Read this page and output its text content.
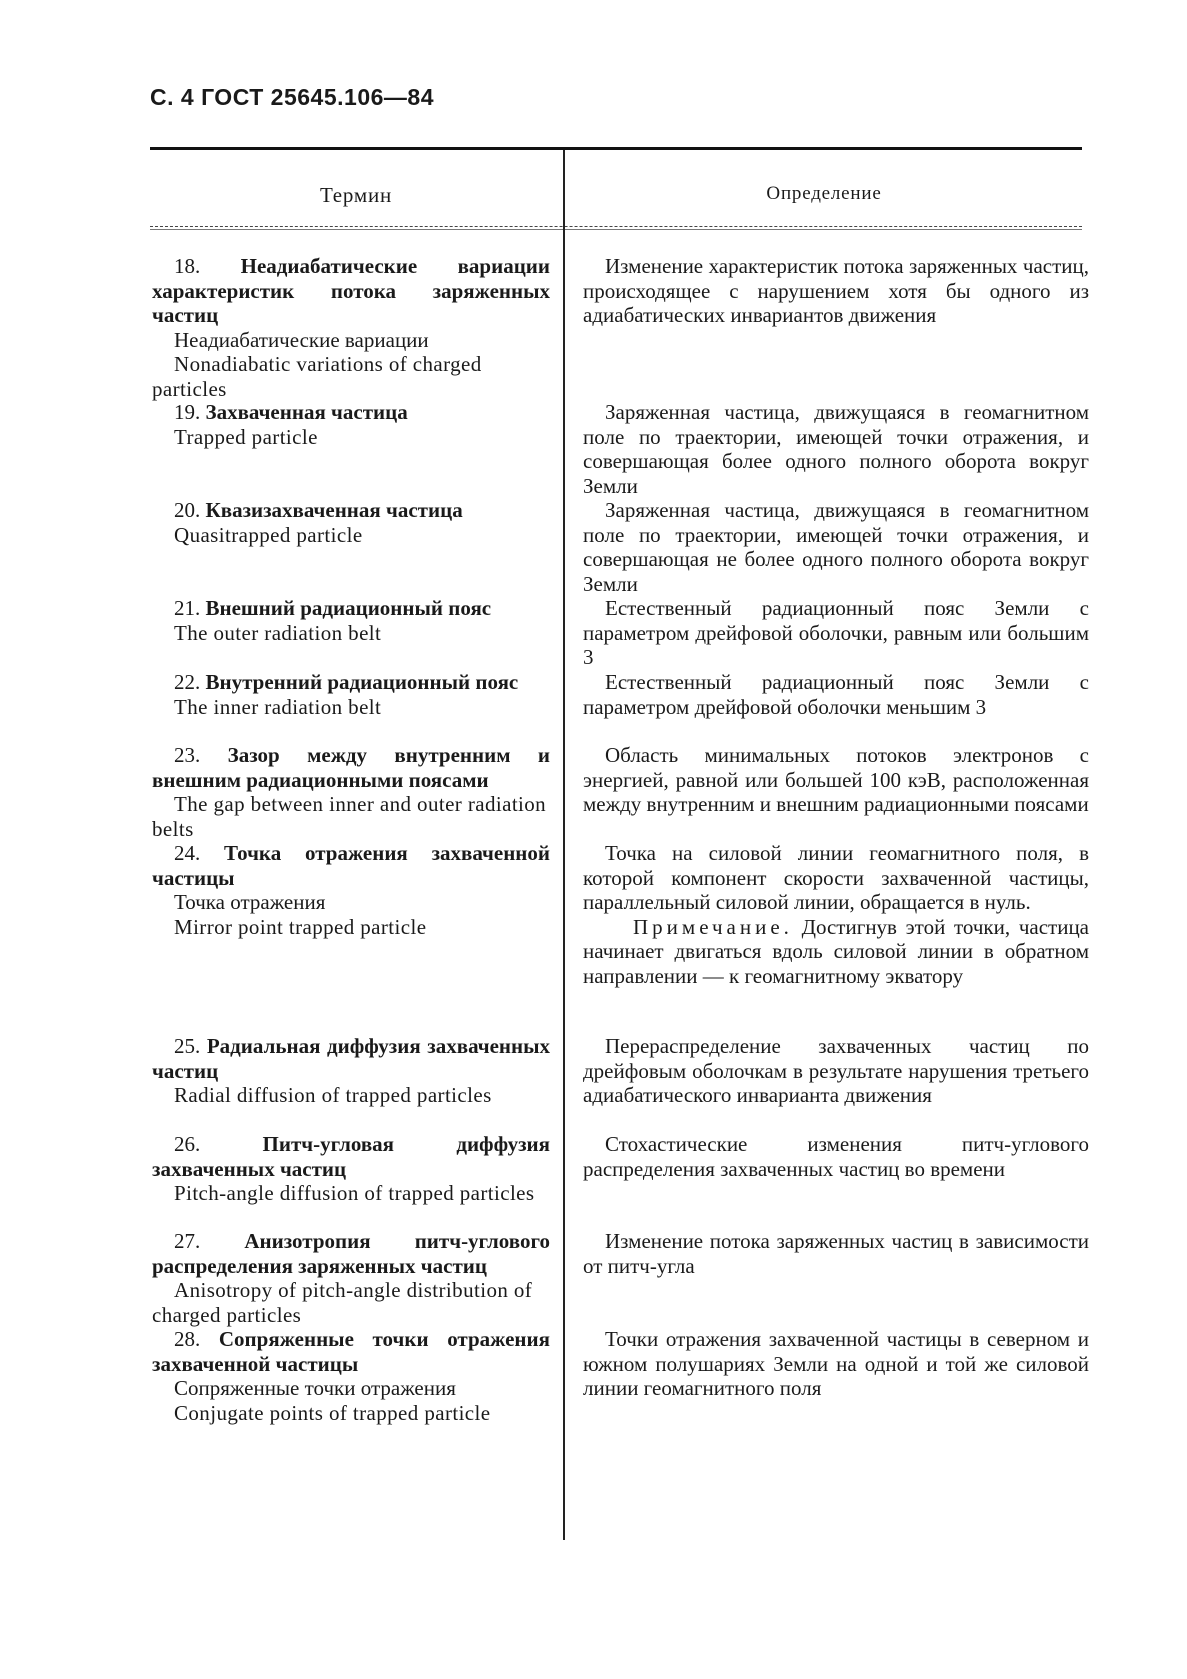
С. 4 ГОСТ 25645.106—84
Термин	Определение

18. Неадиабатические вариации характеристик потока заряженных частиц

Неадиабатические вариации

Nonadiabatic variations of charged particles

Изменение характеристик потока заряженных частиц, происходящее с нарушением хотя бы одного из адиабатических инвариантов движения

19. Захваченная частица

Trapped particle

Заряженная частица, движущаяся в геомагнитном поле по траектории, имеющей точки отражения, и совершающая более одного полного оборота вокруг Земли

20. Квазизахваченная частица

Quasitrapped particle

Заряженная частица, движущаяся в геомагнитном поле по траектории, имеющей точки отражения, и совершающая не более одного полного оборота вокруг Земли

21. Внешний радиационный пояс

The outer radiation belt

Естественный радиационный пояс Земли с параметром дрейфовой оболочки, равным или большим 3

22. Внутренний радиационный пояс

The inner radiation belt

Естественный радиационный пояс Земли с параметром дрейфовой оболочки меньшим 3

23. Зазор между внутренним и внешним радиационными поясами

The gap between inner and outer radiation belts

Область минимальных потоков электронов с энергией, равной или большей 100 кэВ, расположенная между внутренним и внешним радиационными поясами

24. Точка отражения захваченной частицы

Точка отражения

Mirror point trapped particle

Точка на силовой линии геомагнитного поля, в которой компонент скорости захваченной частицы, параллельный силовой линии, обращается в нуль.

Примечание. Достигнув этой точки, частица начинает двигаться вдоль силовой линии в обратном направлении — к геомагнитному экватору

25. Радиальная диффузия захваченных частиц

Radial diffusion of trapped particles

Перераспределение захваченных частиц по дрейфовым оболочкам в результате нарушения третьего адиабатического инварианта движения

26.	Питч-угловая диффузия захваченных частиц

Pitch-angle diffusion of trapped particles

Стохастические изменения питч-углового распределения захваченных частиц во времени

27. Анизотропия питч-углового распределения заряженных частиц

Anisotropy of pitch-angle distribution of charged particles

Изменение потока заряженных частиц в зависимости от питч-угла

28. Сопряженные точки отражения захваченной частицы

Сопряженные точки отражения

Conjugate points of trapped particle

Точки отражения захваченной частицы в северном и южном полушариях Земли на одной и той же силовой линии геомагнитного поля
